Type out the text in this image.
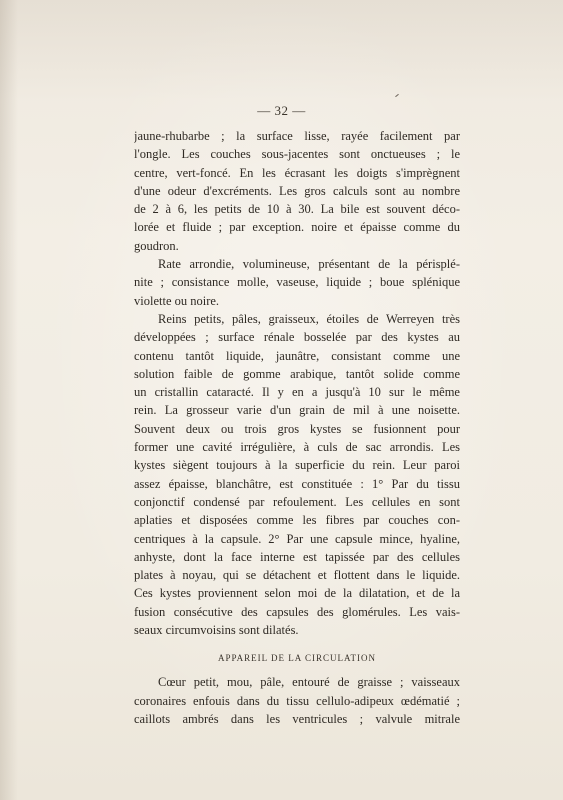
— 32 —
jaune-rhubarbe ; la surface lisse, rayée facilement par
l'ongle. Les couches sous-jacentes sont onctueuses ; le
centre, vert-foncé. En les écrasant les doigts s'imprègnent
d'une odeur d'excréments. Les gros calculs sont au nombre
de 2 à 6, les petits de 10 à 30. La bile est souvent déco-
lorée et fluide ; par exception. noire et épaisse comme du
goudron.
Rate arrondie, volumineuse, présentant de la périsplé-
nite ; consistance molle, vaseuse, liquide ; boue splénique
violette ou noire.
Reins petits, pâles, graisseux, étoiles de Werreyen très
développées ; surface rénale bosselée par des kystes au
contenu tantôt liquide, jaunâtre, consistant comme une
solution faible de gomme arabique, tantôt solide comme
un cristallin cataracté. Il y en a jusqu'à 10 sur le même
rein. La grosseur varie d'un grain de mil à une noisette.
Souvent deux ou trois gros kystes se fusionnent pour
former une cavité irrégulière, à culs de sac arrondis. Les
kystes siègent toujours à la superficie du rein. Leur paroi
assez épaisse, blanchâtre, est constituée : 1° Par du tissu
conjonctif condensé par refoulement. Les cellules en sont
aplaties et disposées comme les fibres par couches con-
centriques à la capsule. 2° Par une capsule mince, hyaline,
anhyste, dont la face interne est tapissée par des cellules
plates à noyau, qui se détachent et flottent dans le liquide.
Ces kystes proviennent selon moi de la dilatation, et de la
fusion consécutive des capsules des glomérules. Les vais-
seaux circumvoisins sont dilatés.
APPAREIL DE LA CIRCULATION
Cœur petit, mou, pâle, entouré de graisse ; vaisseaux
coronaires enfouis dans du tissu cellulo-adipeux œdématié ;
caillots ambrés dans les ventricules ; valvule mitrale
